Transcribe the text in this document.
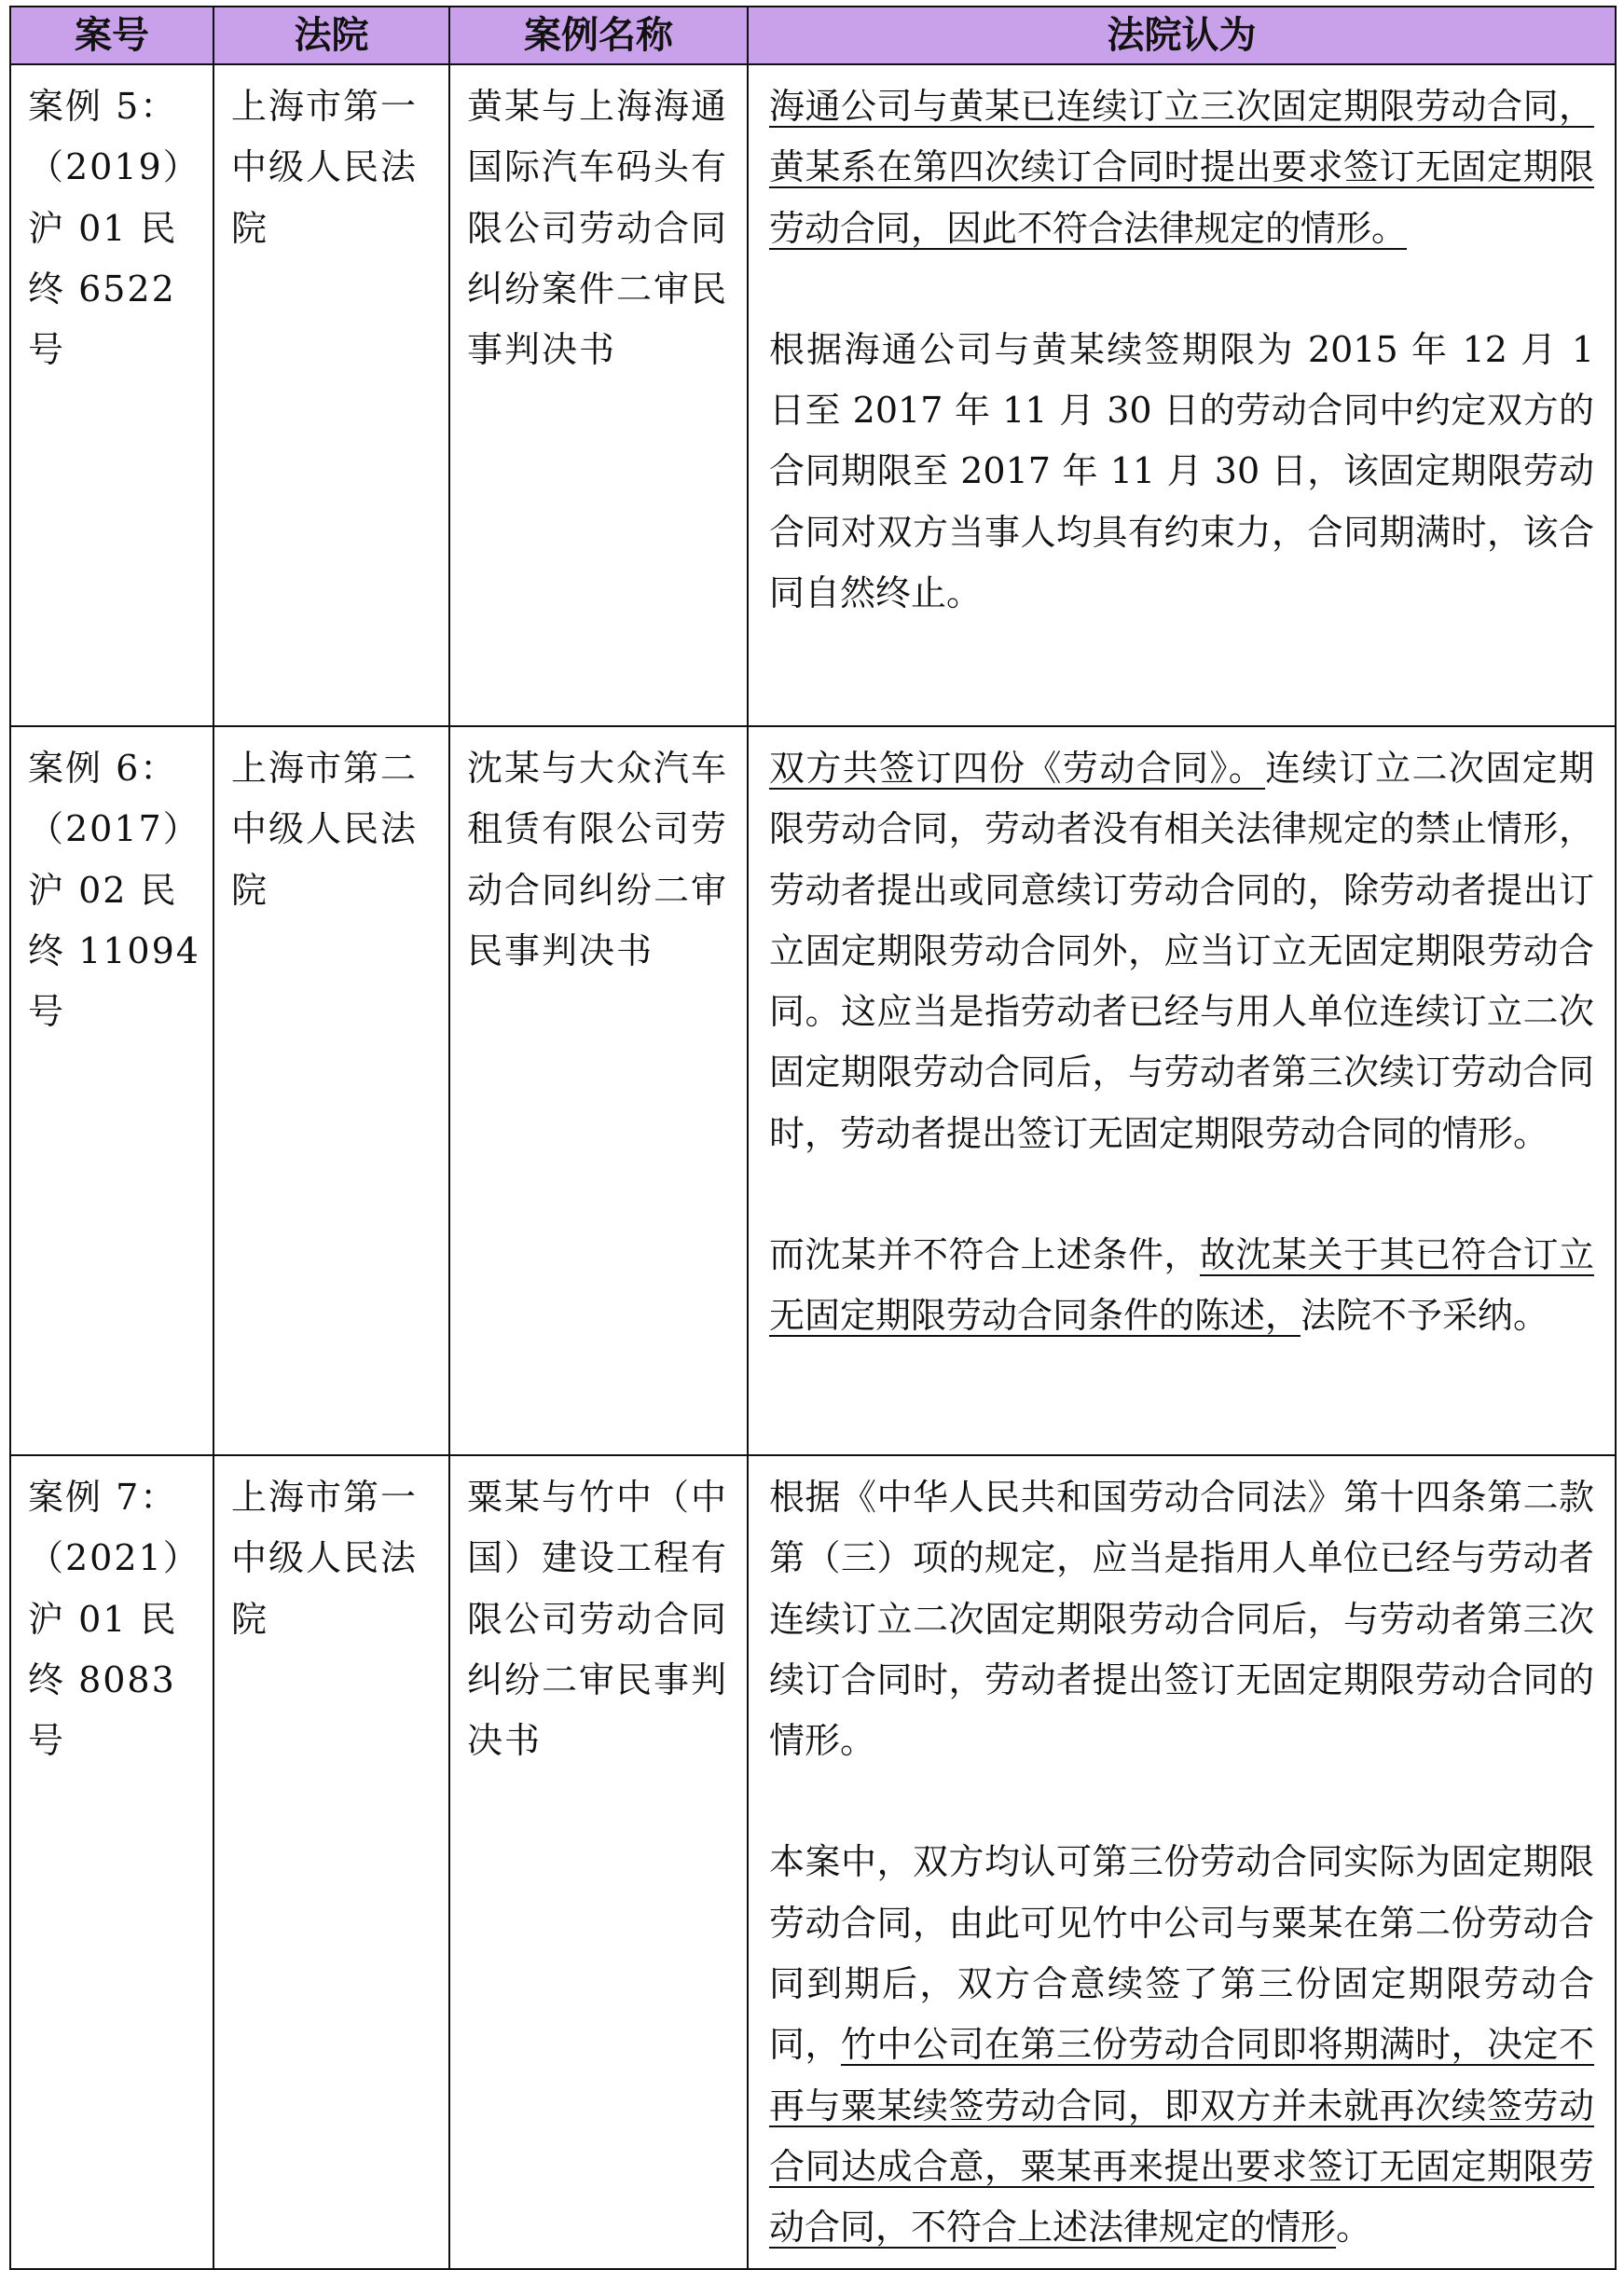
案号	法院	案例名称	法院认为

案例 5：（2019）沪 01 民终 6522 号	上海市第一中级人民法院	黄某与上海海通国际汽车码头有限公司劳动合同纠纷案件二审民事判决书	海通公司与黄某已连续订立三次固定期限劳动合同，黄某系在第四次续订合同时提出要求签订无固定期限劳动合同，因此不符合法律规定的情形。
根据海通公司与黄某续签期限为 2015 年 12 月 1 日至 2017 年 11 月 30 日的劳动合同中约定双方的合同期限至 2017 年 11 月 30 日，该固定期限劳动合同对双方当事人均具有约束力，合同期满时，该合同自然终止。

案例 6：（2017）沪 02 民终 11094 号	上海市第二中级人民法院	沈某与大众汽车租赁有限公司劳动合同纠纷二审民事判决书	双方共签订四份《劳动合同》。连续订立二次固定期限劳动合同，劳动者没有相关法律规定的禁止情形，劳动者提出或同意续订劳动合同的，除劳动者提出订立固定期限劳动合同外，应当订立无固定期限劳动合同。这应当是指劳动者已经与用人单位连续订立二次固定期限劳动合同后，与劳动者第三次续订劳动合同时，劳动者提出签订无固定期限劳动合同的情形。
而沈某并不符合上述条件，故沈某关于其已符合订立无固定期限劳动合同条件的陈述，法院不予采纳。

案例 7：（2021）沪 01 民终 8083 号	上海市第一中级人民法院	粟某与竹中（中国）建设工程有限公司劳动合同纠纷二审民事判决书	根据《中华人民共和国劳动合同法》第十四条第二款第（三）项的规定，应当是指用人单位已经与劳动者连续订立二次固定期限劳动合同后，与劳动者第三次续订合同时，劳动者提出签订无固定期限劳动合同的情形。
本案中，双方均认可第三份劳动合同实际为固定期限劳动合同，由此可见竹中公司与粟某在第二份劳动合同到期后，双方合意续签了第三份固定期限劳动合同，竹中公司在第三份劳动合同即将期满时，决定不再与粟某续签劳动合同，即双方并未就再次续签劳动合同达成合意，粟某再来提出要求签订无固定期限劳动合同，不符合上述法律规定的情形。
